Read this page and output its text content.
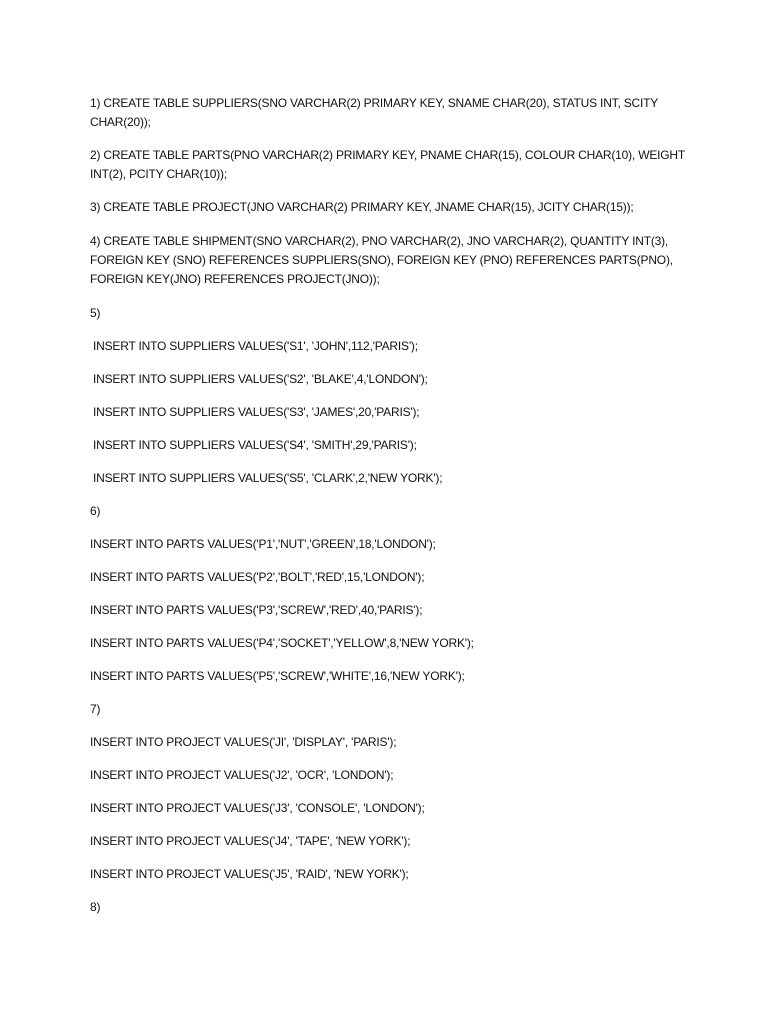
1) CREATE TABLE SUPPLIERS(SNO VARCHAR(2) PRIMARY KEY, SNAME CHAR(20), STATUS INT, SCITY CHAR(20));

2) CREATE TABLE PARTS(PNO VARCHAR(2) PRIMARY KEY, PNAME CHAR(15), COLOUR CHAR(10), WEIGHT INT(2), PCITY CHAR(10));

3) CREATE TABLE PROJECT(JNO VARCHAR(2) PRIMARY KEY, JNAME CHAR(15), JCITY CHAR(15));

4) CREATE TABLE SHIPMENT(SNO VARCHAR(2), PNO VARCHAR(2), JNO VARCHAR(2), QUANTITY INT(3), FOREIGN KEY (SNO) REFERENCES SUPPLIERS(SNO), FOREIGN KEY (PNO) REFERENCES PARTS(PNO), FOREIGN KEY(JNO) REFERENCES PROJECT(JNO));

5)

INSERT INTO SUPPLIERS VALUES('S1', 'JOHN',112,'PARIS');

INSERT INTO SUPPLIERS VALUES('S2', 'BLAKE',4,'LONDON');

INSERT INTO SUPPLIERS VALUES('S3', 'JAMES',20,'PARIS');

INSERT INTO SUPPLIERS VALUES('S4', 'SMITH',29,'PARIS');

INSERT INTO SUPPLIERS VALUES('S5', 'CLARK',2,'NEW YORK');

6)

INSERT INTO PARTS VALUES('P1','NUT','GREEN',18,'LONDON');

INSERT INTO PARTS VALUES('P2','BOLT','RED',15,'LONDON');

INSERT INTO PARTS VALUES('P3','SCREW','RED',40,'PARIS');

INSERT INTO PARTS VALUES('P4','SOCKET','YELLOW',8,'NEW YORK');

INSERT INTO PARTS VALUES('P5','SCREW','WHITE',16,'NEW YORK');

7)

INSERT INTO PROJECT VALUES('JI', 'DISPLAY', 'PARIS');

INSERT INTO PROJECT VALUES('J2', 'OCR', 'LONDON');

INSERT INTO PROJECT VALUES('J3', 'CONSOLE', 'LONDON');

INSERT INTO PROJECT VALUES('J4', 'TAPE', 'NEW YORK');

INSERT INTO PROJECT VALUES('J5', 'RAID', 'NEW YORK');

8)
